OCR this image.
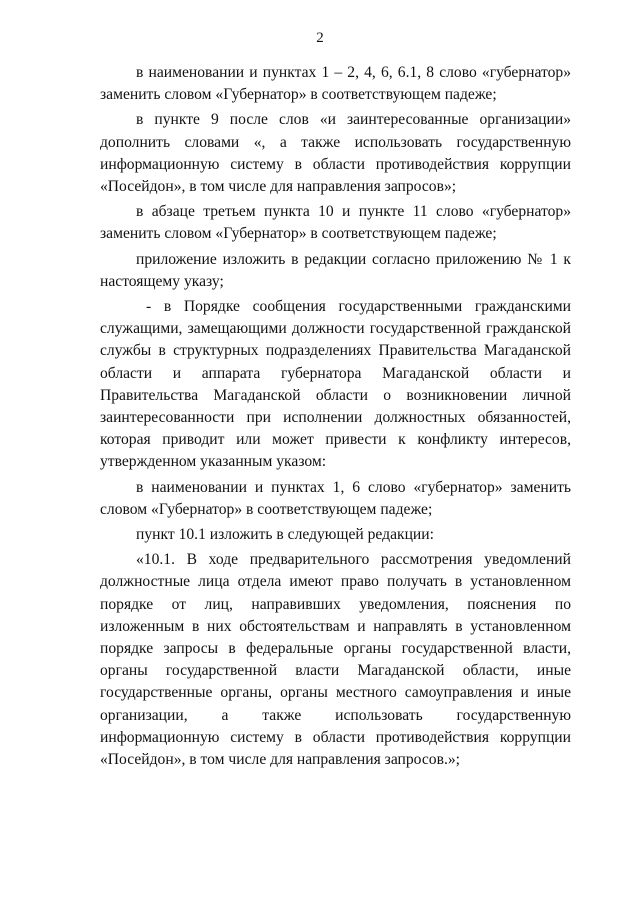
2

в наименовании и пунктах 1 – 2, 4, 6, 6.1, 8 слово «губернатор» заменить словом «Губернатор» в соответствующем падеже;

в пункте 9 после слов «и заинтересованные организации» дополнить словами «, а также использовать государственную информационную систему в области противодействия коррупции «Посейдон», в том числе для направления запросов»;

в абзаце третьем пункта 10 и пункте 11 слово «губернатор» заменить словом «Губернатор» в соответствующем падеже;

приложение изложить в редакции согласно приложению № 1 к настоящему указу;

- в Порядке сообщения государственными гражданскими служащими, замещающими должности государственной гражданской службы в структурных подразделениях Правительства Магаданской области и аппарата губернатора Магаданской области и Правительства Магаданской области о возникновении личной заинтересованности при исполнении должностных обязанностей, которая приводит или может привести к конфликту интересов, утвержденном указанным указом:

в наименовании и пунктах 1, 6 слово «губернатор» заменить словом «Губернатор» в соответствующем падеже;

пункт 10.1 изложить в следующей редакции:

«10.1. В ходе предварительного рассмотрения уведомлений должностные лица отдела имеют право получать в установленном порядке от лиц, направивших уведомления, пояснения по изложенным в них обстоятельствам и направлять в установленном порядке запросы в федеральные органы государственной власти, органы государственной власти Магаданской области, иные государственные органы, органы местного самоуправления и иные организации, а также использовать государственную информационную систему в области противодействия коррупции «Посейдон», в том числе для направления запросов.»;
